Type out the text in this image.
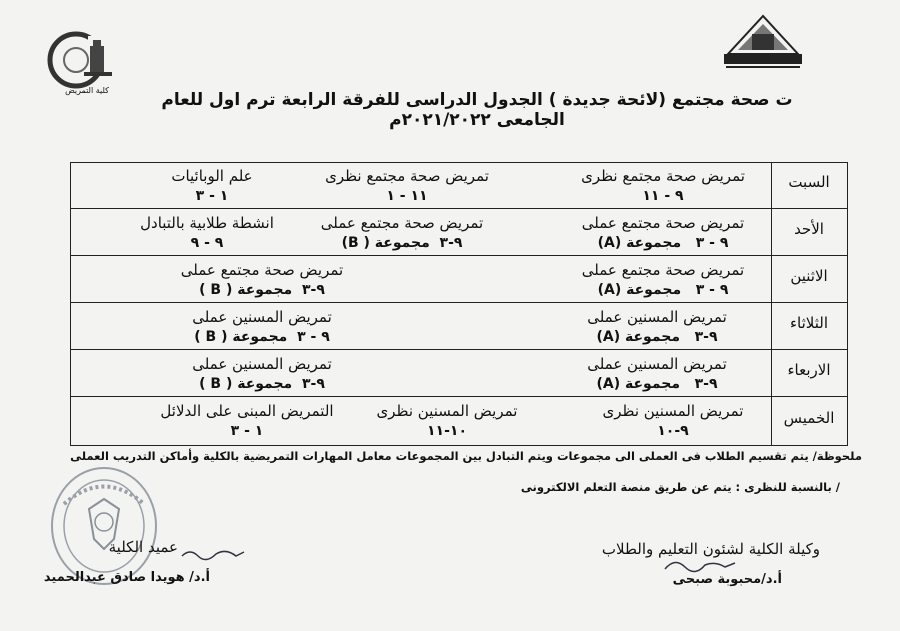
كلية التمريض	ت صحة مجتمع (لائحة جديدة ) الجدول الدراسى للفرقة الرابعة ترم اول للعام الجامعى ٢٠٢١/٢٠٢٢م
السبت
الأحد
الاثنين
الثلاثاء
الاربعاء
الخميس
تمريض صحة مجتمع نظرى
٩ - ١١
تمريض صحة مجتمع نظرى
١١ - ١
علم الوبائيات
١ - ٣
تمريض صحة مجتمع عملى
٩ - ٣   مجموعة (A)
تمريض صحة مجتمع عملى
٩-٣  مجموعة ( B)
انشطة طلابية بالتبادل
٩ - ٩
تمريض صحة مجتمع عملى
٩ - ٣   مجموعة (A)
تمريض صحة مجتمع عملى
٩-٣  مجموعة ( B )
تمريض المسنين عملى
٩-٣   مجموعة (A)
تمريض المسنين عملى
٩ - ٣  مجموعة ( B )
تمريض المسنين عملى
٩-٣   مجموعة (A)
تمريض المسنين عملى
٩-٣  مجموعة ( B )
تمريض المسنين نظرى
٩-١٠
تمريض المسنين نظرى
١٠-١١
التمريض المبنى على الدلائل
١ - ٣
ملحوظة/ يتم تقسيم الطلاب فى العملى الى مجموعات ويتم التبادل بين المجموعات معامل المهارات التمريضية بالكلية وأماكن التدريب العملى
/ بالنسبة للنظرى : يتم عن طريق منصة التعلم الالكترونى
وكيلة الكلية لشئون التعليم والطلاب
أ.د/محبوبة صبحى
عميد الكلية
أ.د/ هويدا صادق عبدالحميد
